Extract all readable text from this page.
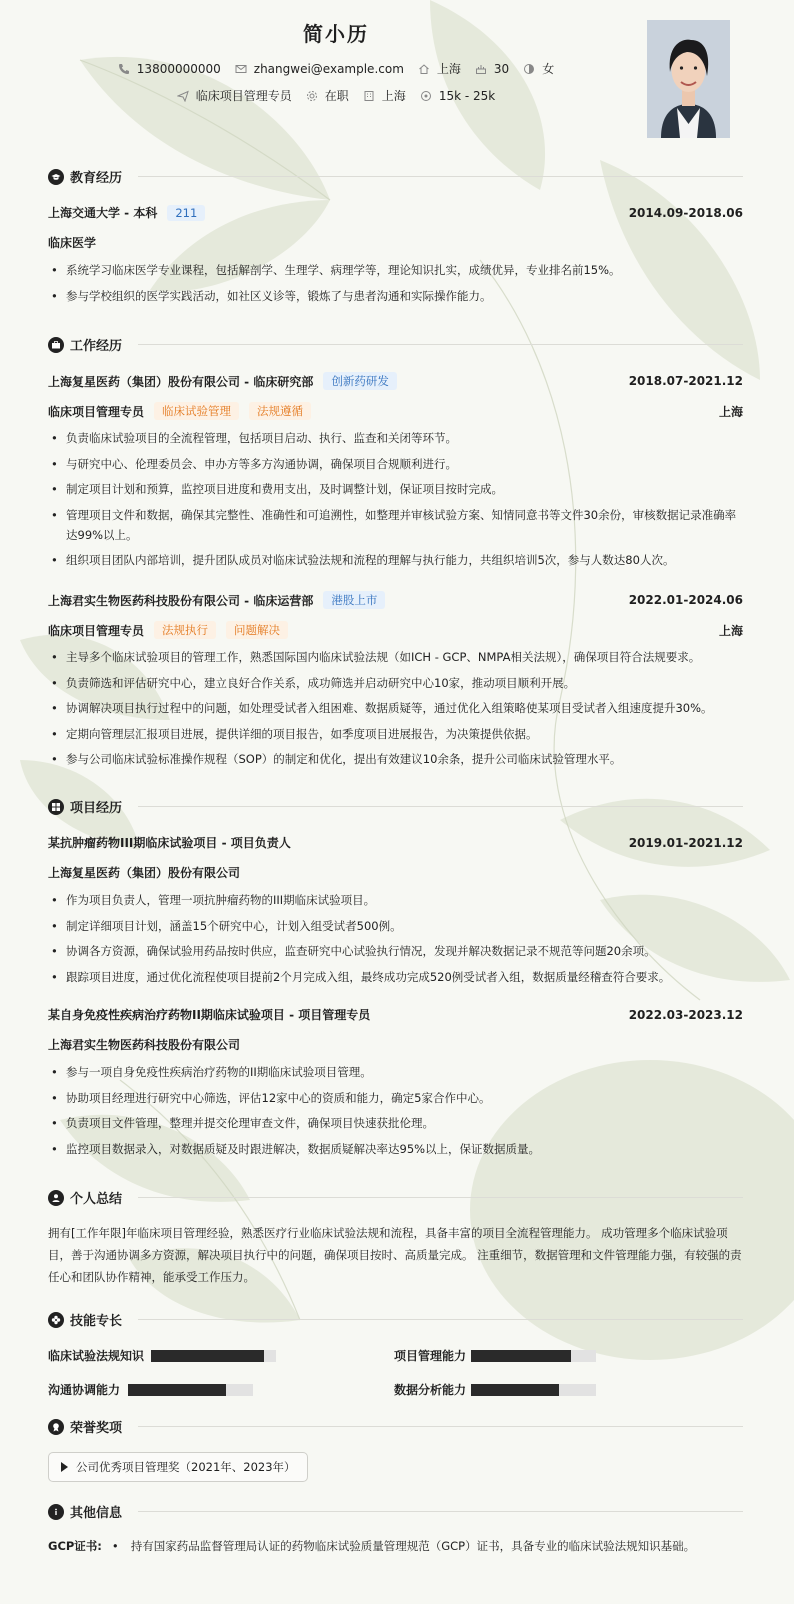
简小历
13800000000	zhangwei@example.com	上海	30	女
临床项目管理专员	在职	上海	15k - 25k
教育经历
上海交通大学 - 本科	211	2014.09-2018.06
临床医学
• 系统学习临床医学专业课程，包括解剖学、生理学、病理学等，理论知识扎实，成绩优异，专业排名前15%。
• 参与学校组织的医学实践活动，如社区义诊等，锻炼了与患者沟通和实际操作能力。
工作经历
上海复星医药（集团）股份有限公司 - 临床研究部	创新药研发	2018.07-2021.12
临床项目管理专员	临床试验管理	法规遵循	上海
• 负责临床试验项目的全流程管理，包括项目启动、执行、监查和关闭等环节。
• 与研究中心、伦理委员会、申办方等多方沟通协调，确保项目合规顺利进行。
• 制定项目计划和预算，监控项目进度和费用支出，及时调整计划，保证项目按时完成。
• 管理项目文件和数据，确保其完整性、准确性和可追溯性，如整理并审核试验方案、知情同意书等文件30余份，审核数据记录准确率达99%以上。
• 组织项目团队内部培训，提升团队成员对临床试验法规和流程的理解与执行能力，共组织培训5次，参与人数达80人次。
上海君实生物医药科技股份有限公司 - 临床运营部	港股上市	2022.01-2024.06
临床项目管理专员	法规执行	问题解决	上海
• 主导多个临床试验项目的管理工作，熟悉国际国内临床试验法规（如ICH - GCP、NMPA相关法规），确保项目符合法规要求。
• 负责筛选和评估研究中心，建立良好合作关系，成功筛选并启动研究中心10家，推动项目顺利开展。
• 协调解决项目执行过程中的问题，如处理受试者入组困难、数据质疑等，通过优化入组策略使某项目受试者入组速度提升30%。
• 定期向管理层汇报项目进展，提供详细的项目报告，如季度项目进展报告，为决策提供依据。
• 参与公司临床试验标准操作规程（SOP）的制定和优化，提出有效建议10余条，提升公司临床试验管理水平。
项目经历
某抗肿瘤药物III期临床试验项目 - 项目负责人	2019.01-2021.12
上海复星医药（集团）股份有限公司
• 作为项目负责人，管理一项抗肿瘤药物的III期临床试验项目。
• 制定详细项目计划，涵盖15个研究中心，计划入组受试者500例。
• 协调各方资源，确保试验用药品按时供应，监查研究中心试验执行情况，发现并解决数据记录不规范等问题20余项。
• 跟踪项目进度，通过优化流程使项目提前2个月完成入组，最终成功完成520例受试者入组，数据质量经稽查符合要求。
某自身免疫性疾病治疗药物II期临床试验项目 - 项目管理专员	2022.03-2023.12
上海君实生物医药科技股份有限公司
• 参与一项自身免疫性疾病治疗药物的II期临床试验项目管理。
• 协助项目经理进行研究中心筛选，评估12家中心的资质和能力，确定5家合作中心。
• 负责项目文件管理，整理并提交伦理审查文件，确保项目快速获批伦理。
• 监控项目数据录入，对数据质疑及时跟进解决，数据质疑解决率达95%以上，保证数据质量。
个人总结
拥有[工作年限]年临床项目管理经验，熟悉医疗行业临床试验法规和流程，具备丰富的项目全流程管理能力。 成功管理多个临床试验项目，善于沟通协调多方资源，解决项目执行中的问题，确保项目按时、高质量完成。 注重细节，数据管理和文件管理能力强，有较强的责任心和团队协作精神，能承受工作压力。
技能专长
临床试验法规知识	项目管理能力
沟通协调能力	数据分析能力
荣誉奖项
公司优秀项目管理奖（2021年、2023年）
其他信息
GCP证书: • 持有国家药品监督管理局认证的药物临床试验质量管理规范（GCP）证书，具备专业的临床试验法规知识基础。
